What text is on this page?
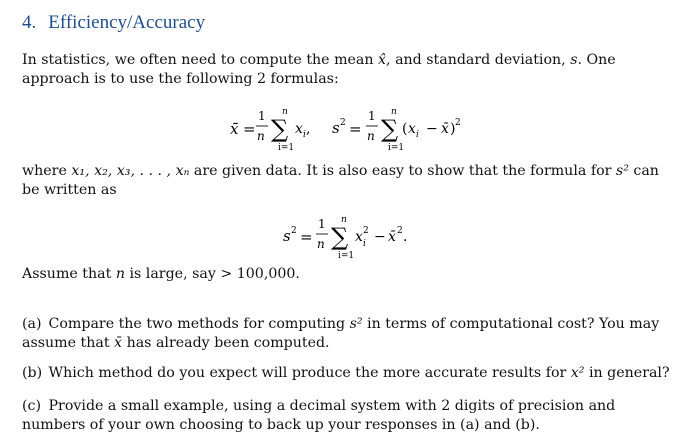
4. Efficiency/Accuracy
In statistics, we often need to compute the mean x̂, and standard deviation, s. One approach is to use the following 2 formulas:
x̄ =
1
n
n
∑
i=1
x i , s 2 =
1
n
n
∑
i=1
( x i − x̄ ) 2
where x₁, x₂, x₃, . . . , xₙ are given data. It is also easy to show that the formula for s² can be written as
s 2 =
1
n
n
∑
i=1
x 2
i − x̄ 2 .
Assume that n is large, say > 100,000.
(a) Compare the two methods for computing s² in terms of computational cost? You may assume that x̄ has already been computed.
(b) Which method do you expect will produce the more accurate results for x² in general?
(c) Provide a small example, using a decimal system with 2 digits of precision and numbers of your own choosing to back up your responses in (a) and (b).
